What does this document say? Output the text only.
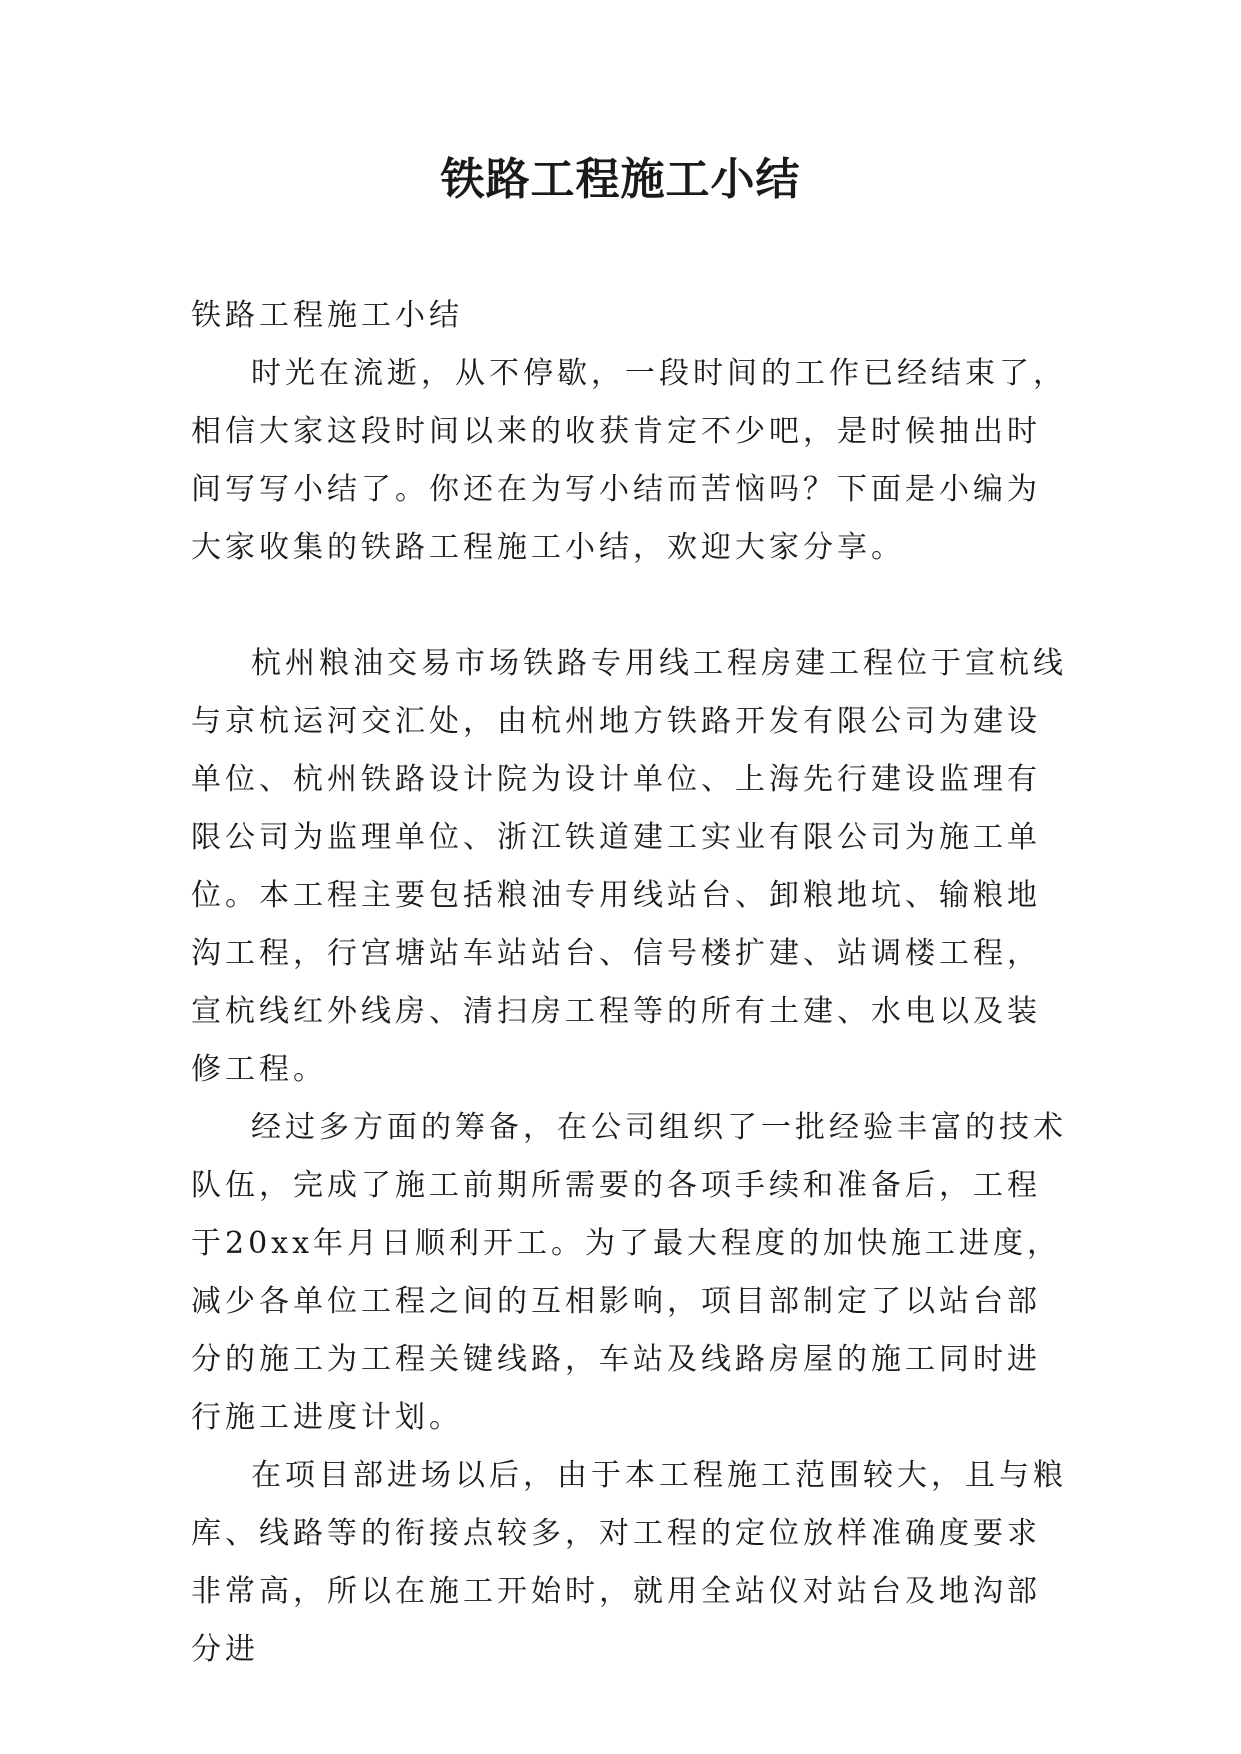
铁路工程施工小结

铁路工程施工小结

时光在流逝，从不停歇，一段时间的工作已经结束了，相信大家这段时间以来的收获肯定不少吧，是时候抽出时间写写小结了。你还在为写小结而苦恼吗？下面是小编为大家收集的铁路工程施工小结，欢迎大家分享。

杭州粮油交易市场铁路专用线工程房建工程位于宣杭线与京杭运河交汇处，由杭州地方铁路开发有限公司为建设单位、杭州铁路设计院为设计单位、上海先行建设监理有限公司为监理单位、浙江铁道建工实业有限公司为施工单位。本工程主要包括粮油专用线站台、卸粮地坑、输粮地沟工程，行宫塘站车站站台、信号楼扩建、站调楼工程，宣杭线红外线房、清扫房工程等的所有土建、水电以及装修工程。

经过多方面的筹备，在公司组织了一批经验丰富的技术队伍，完成了施工前期所需要的各项手续和准备后，工程于20xx年月日顺利开工。为了最大程度的加快施工进度，减少各单位工程之间的互相影响，项目部制定了以站台部分的施工为工程关键线路，车站及线路房屋的施工同时进行施工进度计划。

在项目部进场以后，由于本工程施工范围较大，且与粮库、线路等的衔接点较多，对工程的定位放样准确度要求非常高，所以在施工开始时，就用全站仪对站台及地沟部分进
